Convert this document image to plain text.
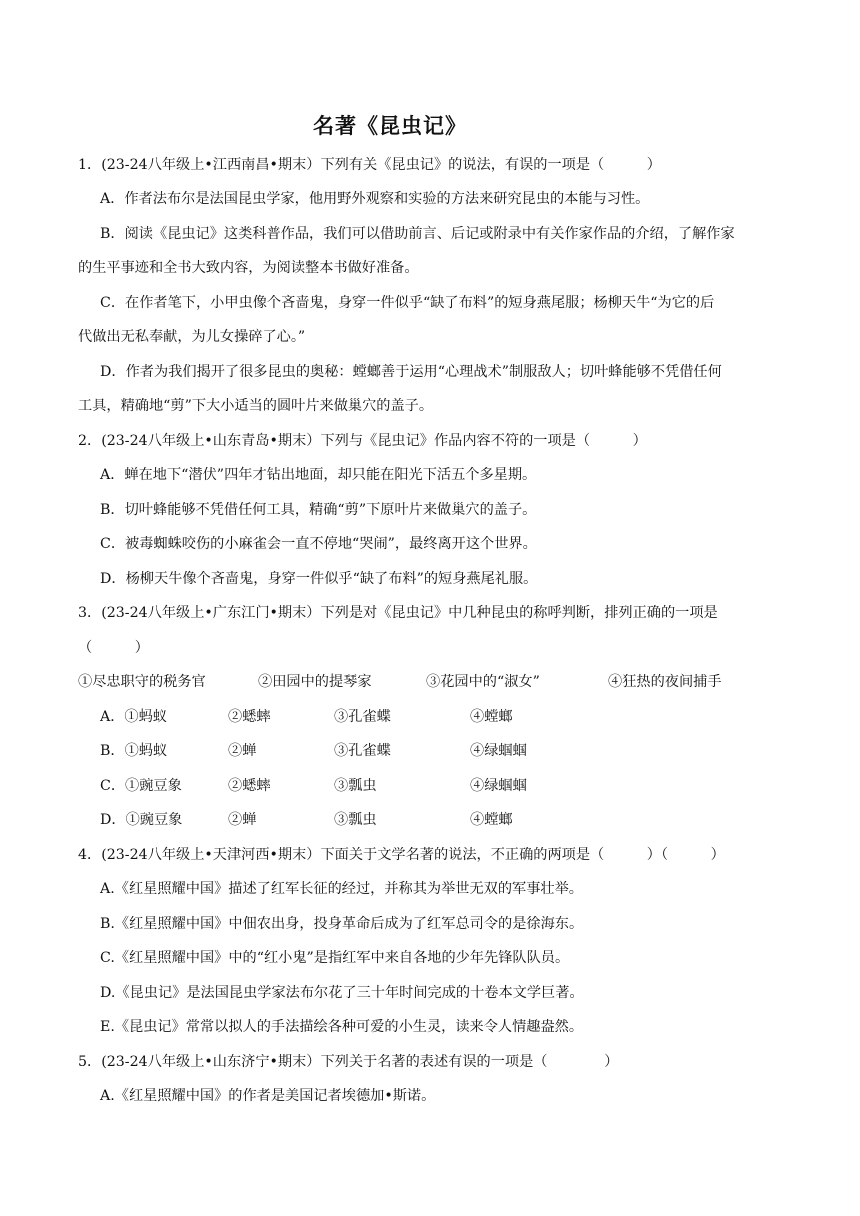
名著《昆虫记》
1．(23-24八年级上•江西南昌•期末）下列有关《昆虫记》的说法，有误的一项是（　　　）
A．作者法布尔是法国昆虫学家，他用野外观察和实验的方法来研究昆虫的本能与习性。
B．阅读《昆虫记》这类科普作品，我们可以借助前言、后记或附录中有关作家作品的介绍，了解作家
的生平事迹和全书大致内容，为阅读整本书做好准备。
C．在作者笔下，小甲虫像个吝啬鬼，身穿一件似乎“缺了布料”的短身燕尾服；杨柳天牛“为它的后
代做出无私奉献，为儿女操碎了心。”
D．作者为我们揭开了很多昆虫的奥秘：螳螂善于运用“心理战术”制服敌人；切叶蜂能够不凭借任何
工具，精确地“剪”下大小适当的圆叶片来做巢穴的盖子。
2．(23-24八年级上•山东青岛•期末）下列与《昆虫记》作品内容不符的一项是（　　　）
A．蝉在地下“潜伏”四年才钻出地面，却只能在阳光下活五个多星期。
B．切叶蜂能够不凭借任何工具，精确“剪”下原叶片来做巢穴的盖子。
C．被毒蜘蛛咬伤的小麻雀会一直不停地“哭闹”，最终离开这个世界。
D．杨柳天牛像个吝啬鬼，身穿一件似乎“缺了布料”的短身燕尾礼服。
3．(23-24八年级上•广东江门•期末）下列是对《昆虫记》中几种昆虫的称呼判断，排列正确的一项是
（　　　）
①尽忠职守的税务官	②田园中的提琴家	③花园中的“淑女”	④狂热的夜间捕手
A．①蚂蚁	②蟋蟀	③孔雀蝶	④螳螂
B．①蚂蚁	②蝉	③孔雀蝶	④绿蝈蝈
C．①豌豆象	②蟋蟀	③瓢虫	④绿蝈蝈
D．①豌豆象	②蝉	③瓢虫	④螳螂
4．(23-24八年级上•天津河西•期末）下面关于文学名著的说法，不正确的两项是（　　　）（　　　）
A.《红星照耀中国》描述了红军长征的经过，并称其为举世无双的军事壮举。
B.《红星照耀中国》中佃农出身，投身革命后成为了红军总司令的是徐海东。
C.《红星照耀中国》中的“红小鬼”是指红军中来自各地的少年先锋队队员。
D.《昆虫记》是法国昆虫学家法布尔花了三十年时间完成的十卷本文学巨著。
E.《昆虫记》常常以拟人的手法描绘各种可爱的小生灵，读来令人情趣盎然。
5．(23-24八年级上•山东济宁•期末）下列关于名著的表述有误的一项是（　　　　）
A.《红星照耀中国》的作者是美国记者埃德加•斯诺。
